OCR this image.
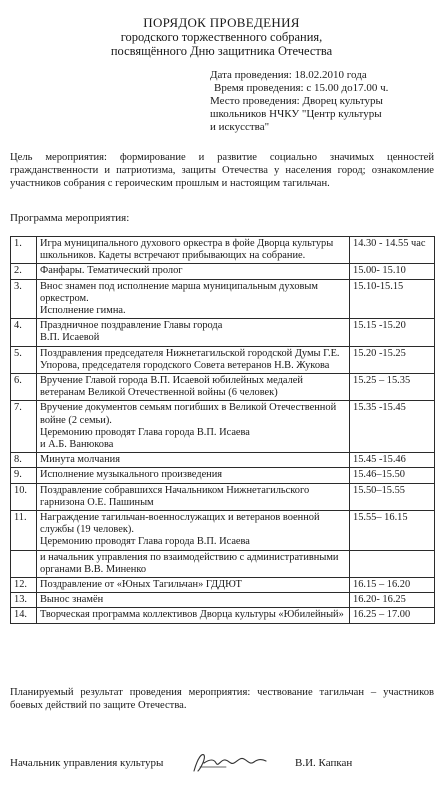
ПОРЯДОК ПРОВЕДЕНИЯ
городского торжественного собрания,
посвящённого Дню защитника Отечества
Дата проведения: 18.02.2010 года
Время проведения: с 15.00 до17.00 ч.
Место проведения: Дворец культуры
школьников НЧКУ "Центр культуры
и искусства"
Цель мероприятия: формирование и развитие социально значимых ценностей гражданственности и патриотизма, защиты Отечества у населения город; ознакомление участников собрания с героическим прошлым и настоящим тагильчан.
Программа мероприятия:
1.	Игра муниципального духового оркестра в фойе Дворца культуры школьников. Кадеты встречают прибывающих на собрание.	14.30 - 14.55 час
2.	Фанфары. Тематический пролог	15.00- 15.10
3.	Внос знамен под исполнение марша муниципальным духовым оркестром.
Исполнение гимна.	15.10-15.15
4.	Праздничное поздравление Главы города
В.П. Исаевой	15.15 -15.20
5.	Поздравления председателя Нижнетагильской городской Думы Г.Е. Упорова, председателя городского Совета ветеранов Н.В. Жукова	15.20 -15.25
6.	Вручение Главой города В.П. Исаевой юбилейных медалей ветеранам Великой Отечественной войны (6 человек)	15.25 – 15.35
7.	Вручение документов семьям погибших в Великой Отечественной войне (2 семьи).
Церемонию проводят Глава города В.П. Исаева
и А.Б. Ванюкова	15.35 -15.45
8.	Минута молчания	15.45 -15.46
9.	Исполнение музыкального произведения	15.46–15.50
10.	Поздравление собравшихся Начальником Нижнетагильского гарнизона О.Е. Пашиным	15.50–15.55
11.	Награждение тагильчан-военнослужащих и ветеранов военной службы (19 человек).
Церемонию проводят Глава города В.П. Исаева	15.55– 16.15

	и начальник управления по взаимодействию с административными органами В.В. Миненко	

12.	Поздравление от «Юных Тагильчан» ГДДЮТ	16.15 – 16.20
13.	Вынос знамён	16.20- 16.25
14.	Творческая программа коллективов Дворца культуры «Юбилейный»	16.25 – 17.00
Планируемый результат проведения мероприятия: чествование тагильчан – участников боевых действий по защите Отечества.
Начальник управления культуры	В.И. Капкан
